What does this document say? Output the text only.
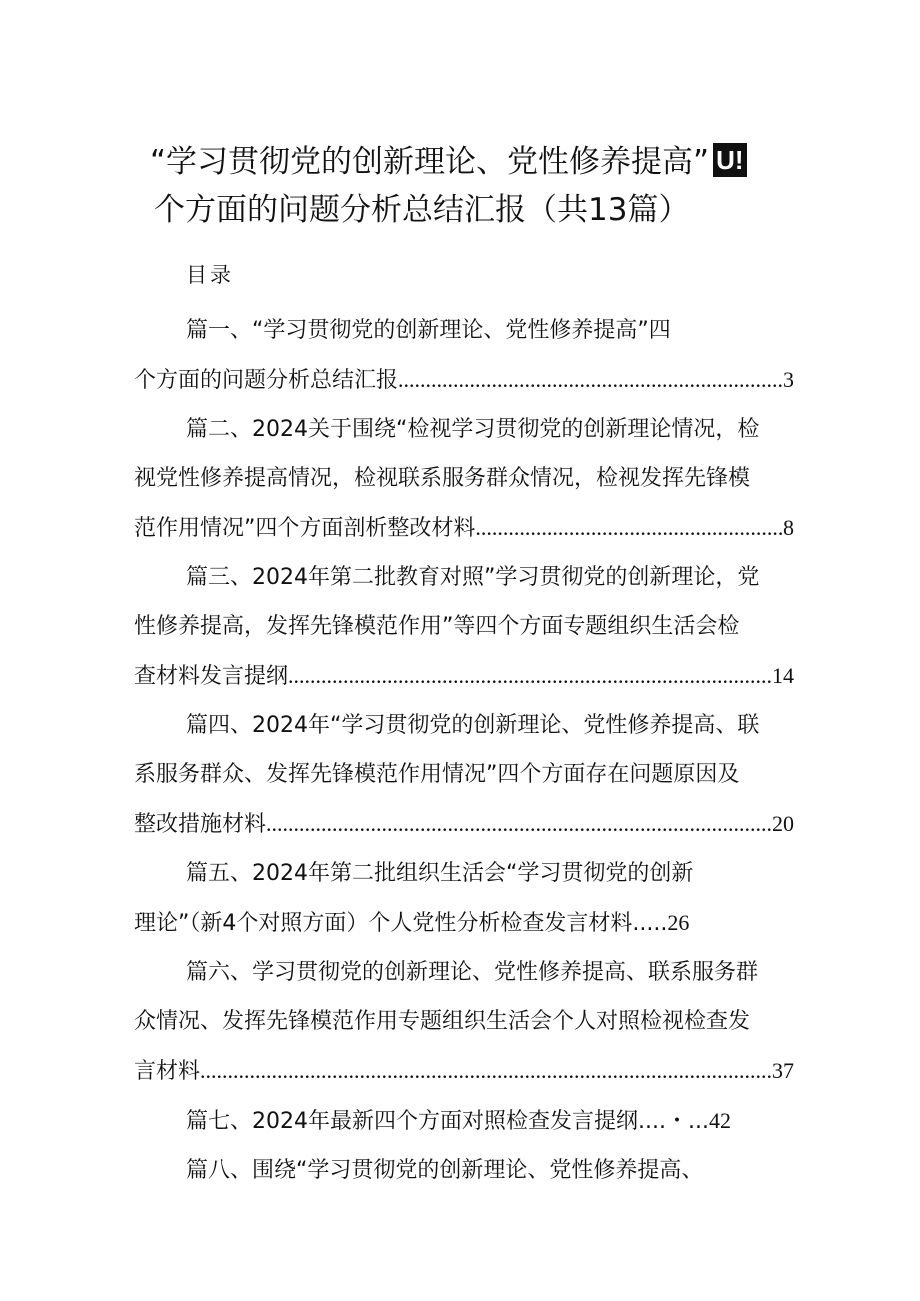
“学习贯彻党的创新理论、党性修养提高” U!
个方面的问题分析总结汇报（共13篇）
目录
篇一、“学习贯彻党的创新理论、党性修养提高”四
个方面的问题分析总结汇报 .....	3
篇二、2024关于围绕“检视学习贯彻党的创新理论情况，检
视党性修养提高情况，检视联系服务群众情况，检视发挥先锋模
范作用情况”四个方面剖析整改材料 .....	8
篇三、2024年第二批教育对照”学习贯彻党的创新理论，党
性修养提高，发挥先锋模范作用”等四个方面专题组织生活会检
查材料发言提纲 .....	14
篇四、2024年“学习贯彻党的创新理论、党性修养提高、联
系服务群众、发挥先锋模范作用情况”四个方面存在问题原因及
整改措施材料 .....	20
篇五、2024年第二批组织生活会“学习贯彻党的创新
理论”（新4个对照方面）个人党性分析检查发言材料.....26
篇六、学习贯彻党的创新理论、党性修养提高、联系服务群
众情况、发挥先锋模范作用专题组织生活会个人对照检视检查发
言材料 .....	37
篇七、2024年最新四个方面对照检查发言提纲....・...42
篇八、围绕“学习贯彻党的创新理论、党性修养提高、
